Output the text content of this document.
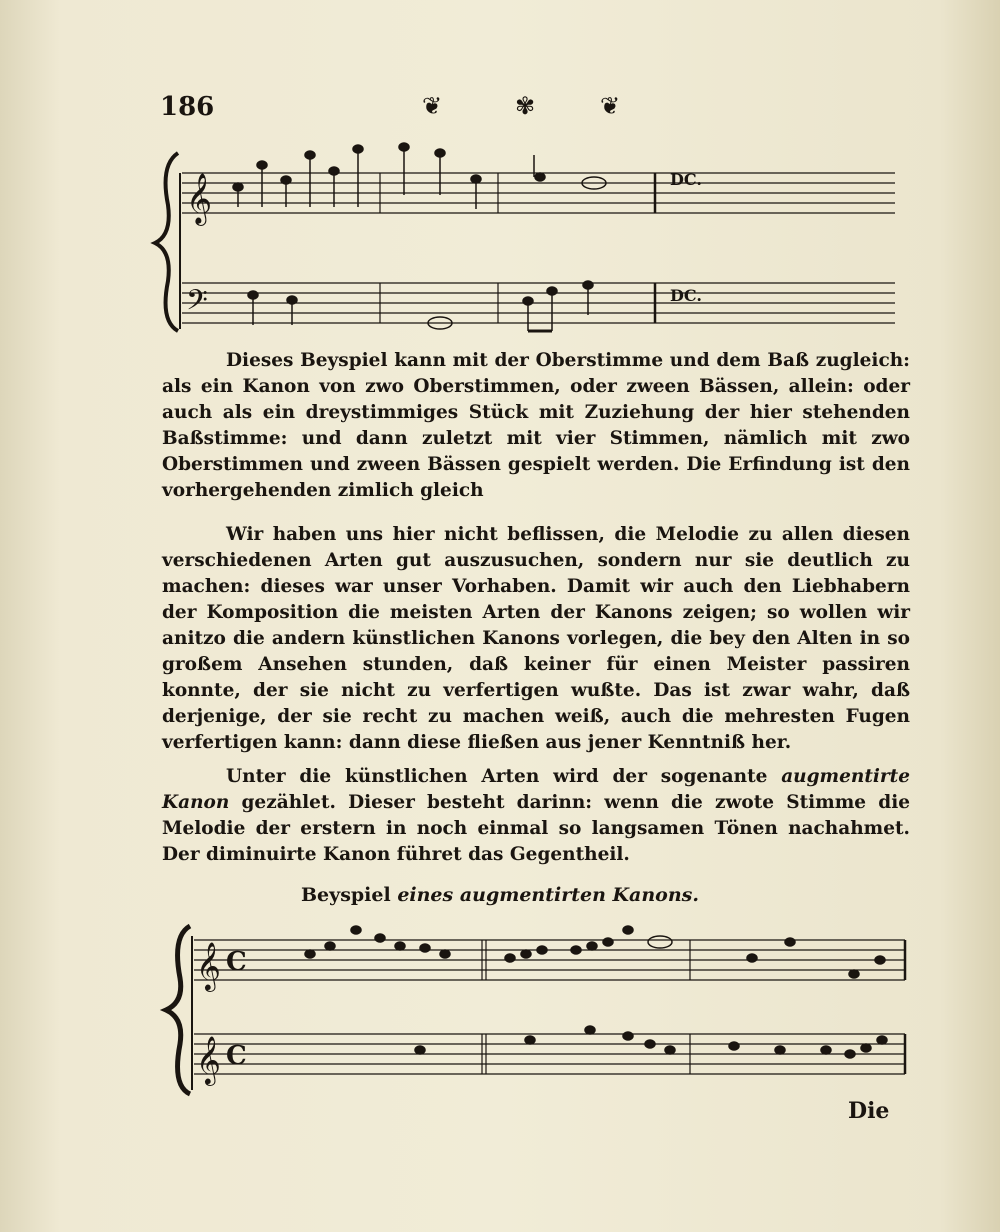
186	❦	✾	❦
𝄞
𝄢
DC.
DC.

Dieses Beyspiel kann mit der Oberstimme und dem Baß zugleich: als ein Kanon von zwo Oberstimmen, oder zween Bässen, allein: oder auch als ein dreystimmiges Stück mit Zuziehung der hier stehenden Baßstimme: und dann zuletzt mit vier Stimmen, nämlich mit zwo Oberstimmen und zween Bässen gespielt werden. Die Erfindung ist den vorhergehenden zimlich gleich

Wir haben uns hier nicht beflissen, die Melodie zu allen diesen verschiedenen Arten gut auszusuchen, sondern nur sie deutlich zu machen: dieses war unser Vorhaben. Damit wir auch den Liebhabern der Komposition die meisten Arten der Kanons zeigen; so wollen wir anitzo die andern künstlichen Kanons vorlegen, die bey den Alten in so großem Ansehen stunden, daß keiner für einen Meister passiren konnte, der sie nicht zu verfertigen wußte. Das ist zwar wahr, daß derjenige, der sie recht zu machen weiß, auch die mehresten Fugen verfertigen kann: dann diese fließen aus jener Kenntniß her.

Unter die künstlichen Arten wird der sogenante augmentirte Kanon gezählet. Dieser besteht darinn: wenn die zwote Stimme die Melodie der erstern in noch einmal so langsamen Tönen nachahmet. Der diminuirte Kanon führet das Gegentheil.

Beyspiel eines augmentirten Kanons.
𝄞
𝄞
C
C
Die
